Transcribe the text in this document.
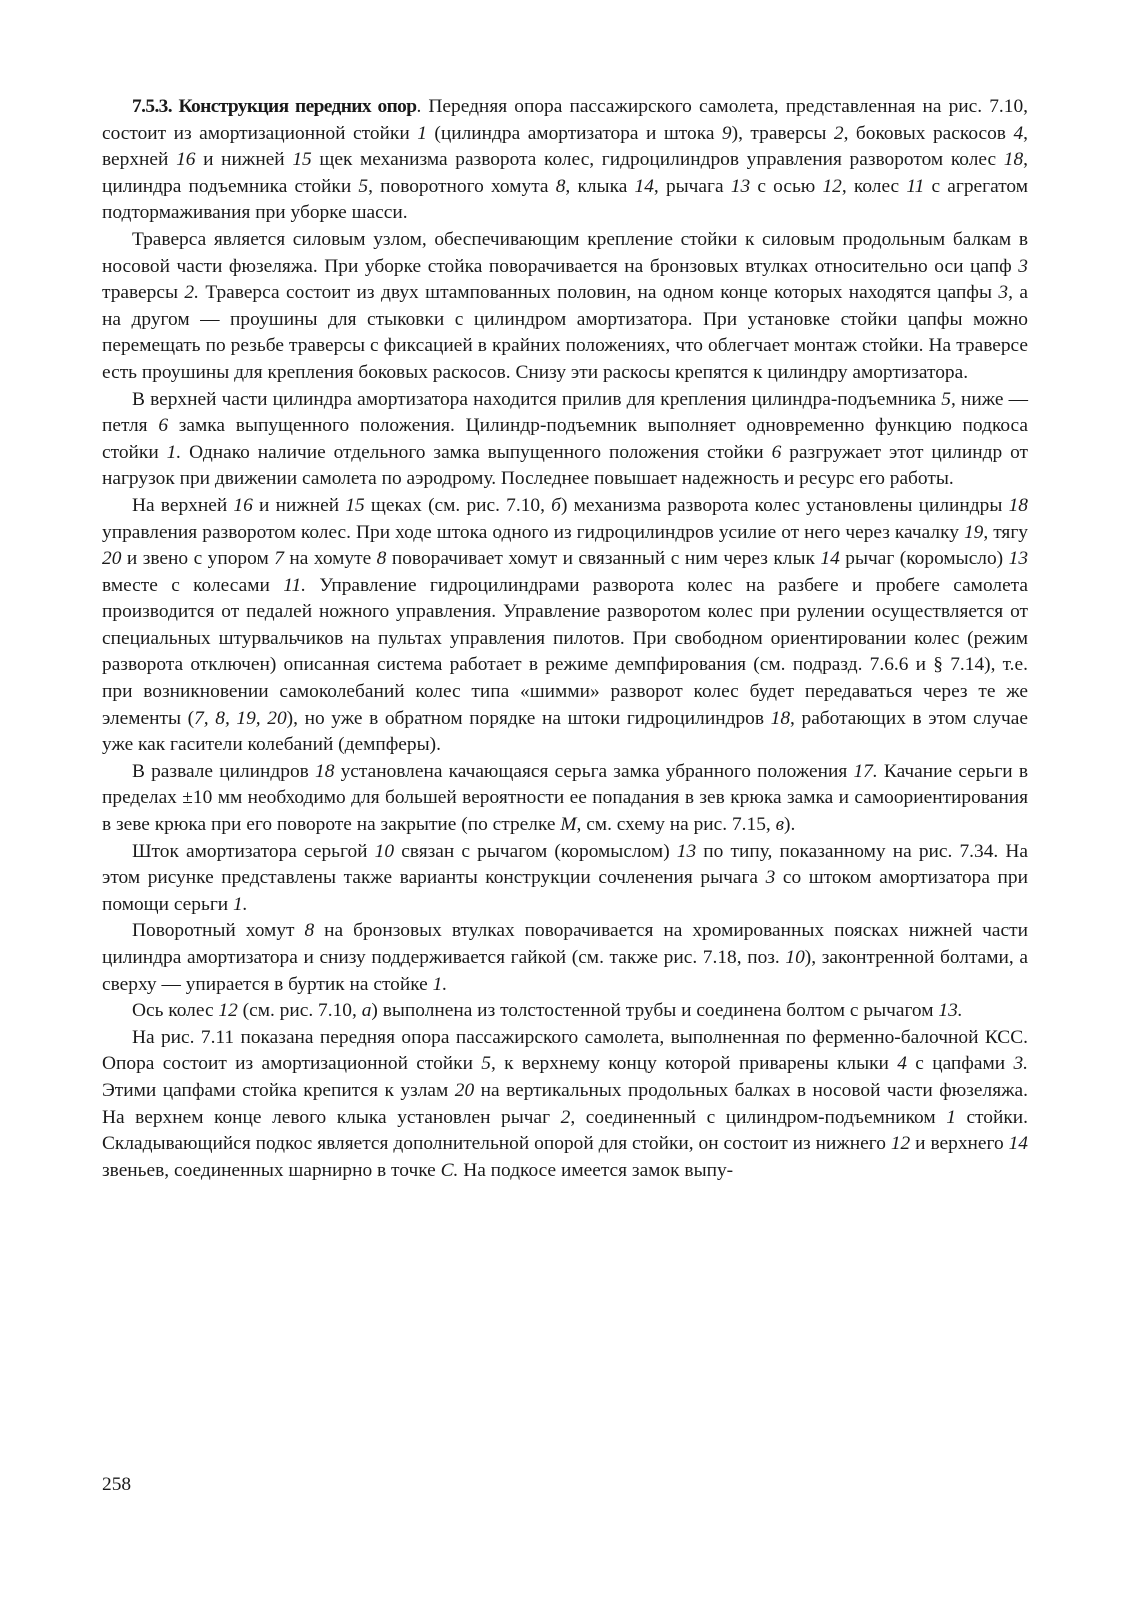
7.5.3. Конструкция передних опор. Передняя опора пассажирского самолета, представленная на рис. 7.10, состоит из амортизационной стойки 1 (цилиндра амортизатора и штока 9), траверсы 2, боковых раскосов 4, верхней 16 и нижней 15 щек механизма разворота колес, гидроцилиндров управления разворотом колес 18, цилиндра подъемника стойки 5, поворотного хомута 8, клыка 14, рычага 13 с осью 12, колес 11 с агрегатом подтормаживания при уборке шасси.

Траверса является силовым узлом, обеспечивающим крепление стойки к силовым продольным балкам в носовой части фюзеляжа. При уборке стойка поворачивается на бронзовых втулках относительно оси цапф 3 траверсы 2. Траверса состоит из двух штампованных половин, на одном конце которых находятся цапфы 3, а на другом — проушины для стыковки с цилиндром амортизатора. При установке стойки цапфы можно перемещать по резьбе траверсы с фиксацией в крайних положениях, что облегчает монтаж стойки. На траверсе есть проушины для крепления боковых раскосов. Снизу эти раскосы крепятся к цилиндру амортизатора.

В верхней части цилиндра амортизатора находится прилив для крепления цилиндра-подъемника 5, ниже — петля 6 замка выпущенного положения. Цилиндр-подъемник выполняет одновременно функцию подкоса стойки 1. Однако наличие отдельного замка выпущенного положения стойки 6 разгружает этот цилиндр от нагрузок при движении самолета по аэродрому. Последнее повышает надежность и ресурс его работы.

На верхней 16 и нижней 15 щеках (см. рис. 7.10, б) механизма разворота колес установлены цилиндры 18 управления разворотом колес. При ходе штока одного из гидроцилиндров усилие от него через качалку 19, тягу 20 и звено с упором 7 на хомуте 8 поворачивает хомут и связанный с ним через клык 14 рычаг (коромысло) 13 вместе с колесами 11. Управление гидроцилиндрами разворота колес на разбеге и пробеге самолета производится от педалей ножного управления. Управление разворотом колес при рулении осуществляется от специальных штурвальчиков на пультах управления пилотов. При свободном ориентировании колес (режим разворота отключен) описанная система работает в режиме демпфирования (см. подразд. 7.6.6 и § 7.14), т.е. при возникновении самоколебаний колес типа «шимми» разворот колес будет передаваться через те же элементы (7, 8, 19, 20), но уже в обратном порядке на штоки гидроцилиндров 18, работающих в этом случае уже как гасители колебаний (демпферы).

В развале цилиндров 18 установлена качающаяся серьга замка убранного положения 17. Качание серьги в пределах ±10 мм необходимо для большей вероятности ее попадания в зев крюка замка и самоориентирования в зеве крюка при его повороте на закрытие (по стрелке М, см. схему на рис. 7.15, в).

Шток амортизатора серьгой 10 связан с рычагом (коромыслом) 13 по типу, показанному на рис. 7.34. На этом рисунке представлены также варианты конструкции сочленения рычага 3 со штоком амортизатора при помощи серьги 1.

Поворотный хомут 8 на бронзовых втулках поворачивается на хромированных поясках нижней части цилиндра амортизатора и снизу поддерживается гайкой (см. также рис. 7.18, поз. 10), законтренной болтами, а сверху — упирается в буртик на стойке 1.

Ось колес 12 (см. рис. 7.10, а) выполнена из толстостенной трубы и соединена болтом с рычагом 13.

На рис. 7.11 показана передняя опора пассажирского самолета, выполненная по ферменно-балочной КСС. Опора состоит из амортизационной стойки 5, к верхнему концу которой приварены клыки 4 с цапфами 3. Этими цапфами стойка крепится к узлам 20 на вертикальных продольных балках в носовой части фюзеляжа. На верхнем конце левого клыка установлен рычаг 2, соединенный с цилиндром-подъемником 1 стойки. Складывающийся подкос является дополнительной опорой для стойки, он состоит из нижнего 12 и верхнего 14 звеньев, соединенных шарнирно в точке С. На подкосе имеется замок выпу-

258
